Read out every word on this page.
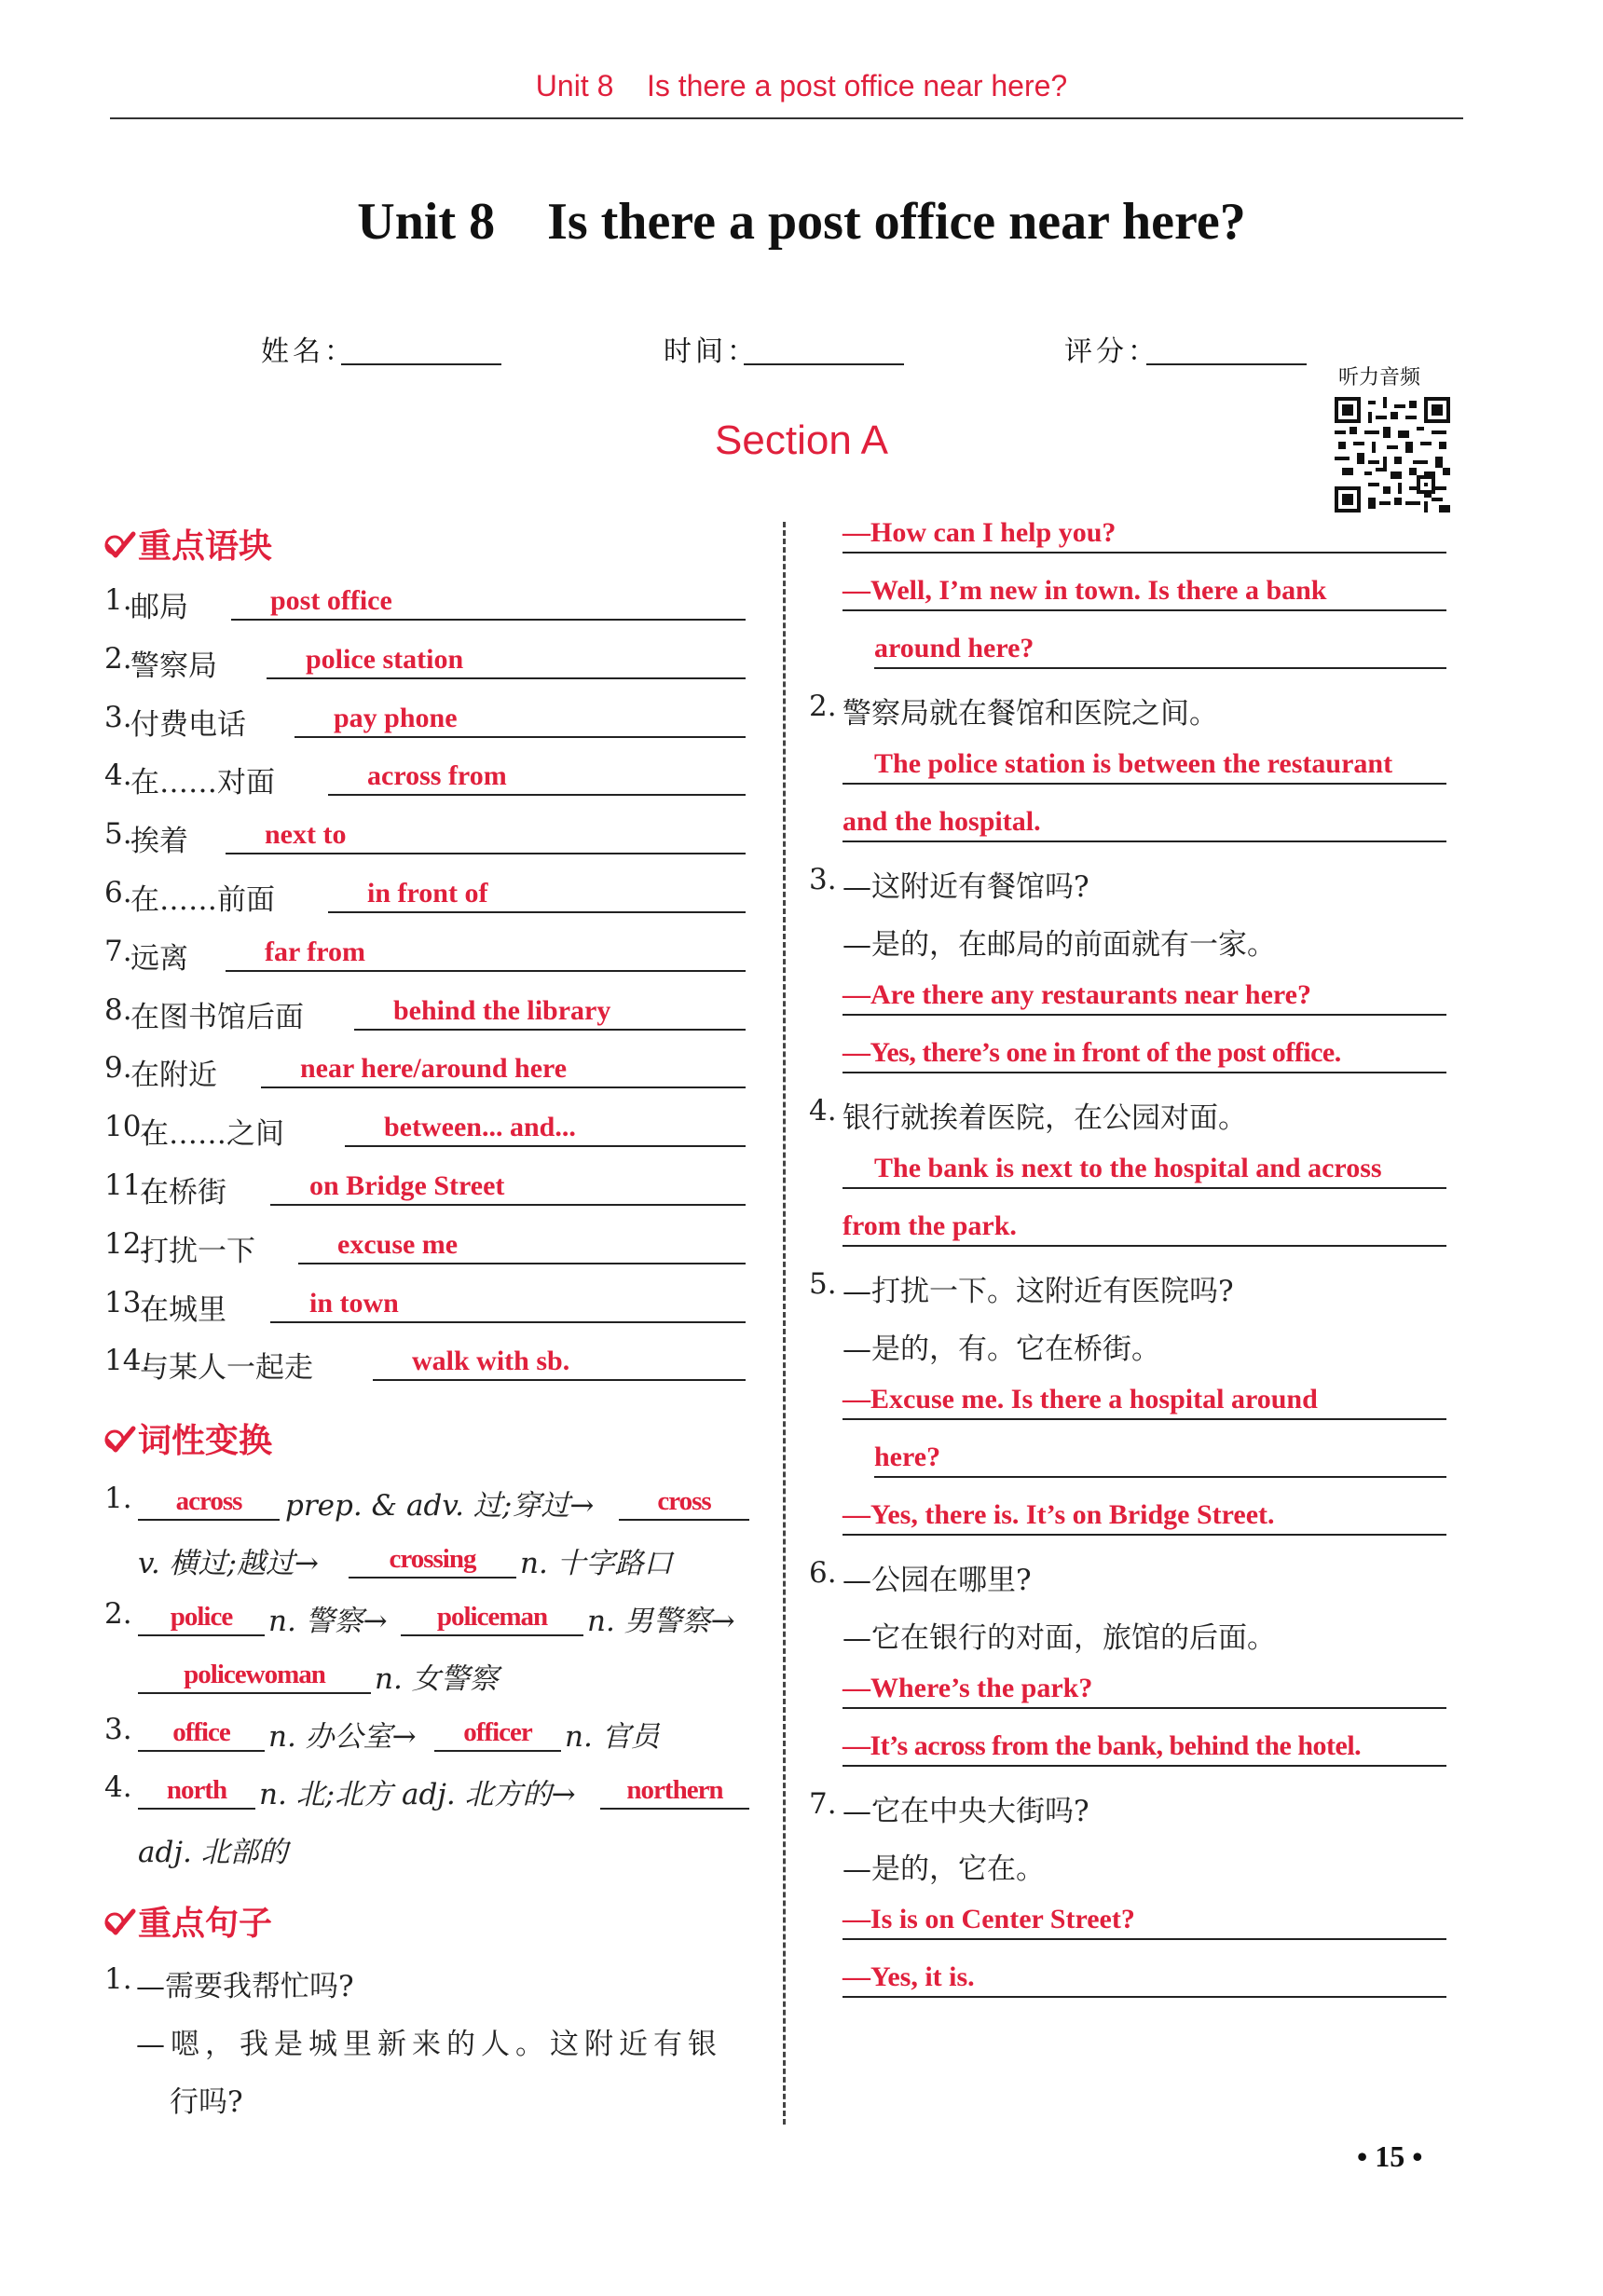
Unit 8    Is there a post office near here?
Unit 8    Is there a post office near here?
姓名：	时间：	评分：
听力音频
Section A
重点语块
1.
邮局	post office
2.
警察局	police station
3.
付费电话	pay phone
4.
在……对面	across from
5.
挨着	next to
6.
在……前面	in front of
7.
远离	far from
8.
在图书馆后面	behind the library
9.
在附近	near here/around here
10.
在……之间	between... and...
11.
在桥街	on Bridge Street
12.
打扰一下	excuse me
13.
在城里	in town
14.
与某人一起走	walk with sb.
词性变换
1.	across	prep. & adv. 过;穿过→	cross
v. 横过;越过→	crossing	n. 十字路口
2.	police	n. 警察→	policeman	n. 男警察→
policewoman	n. 女警察
3.	office	n. 办公室→	officer	n. 官员
4.	north	n. 北;北方 adj. 北方的→	northern
adj. 北部的
重点句子
1. —需要我帮忙吗?
—嗯，我是城里新来的人。这附近有银
行吗?
—How can I help you?
—Well, I’m new in town. Is there a bank
around here?
2. 警察局就在餐馆和医院之间。
The police station is between the restaurant
and the hospital.
3. —这附近有餐馆吗?
—是的，在邮局的前面就有一家。
—Are there any restaurants near here?
—Yes, there’s one in front of the post office.
4. 银行就挨着医院，在公园对面。
The bank is next to the hospital and across
from the park.
5. —打扰一下。这附近有医院吗?
—是的，有。它在桥街。
—Excuse me. Is there a hospital around
here?
—Yes, there is. It’s on Bridge Street.
6. —公园在哪里?
—它在银行的对面，旅馆的后面。
—Where’s the park?
—It’s across from the bank, behind the hotel.
7. —它在中央大街吗?
—是的，它在。
—Is is on Center Street?
—Yes, it is.
• 15 •
